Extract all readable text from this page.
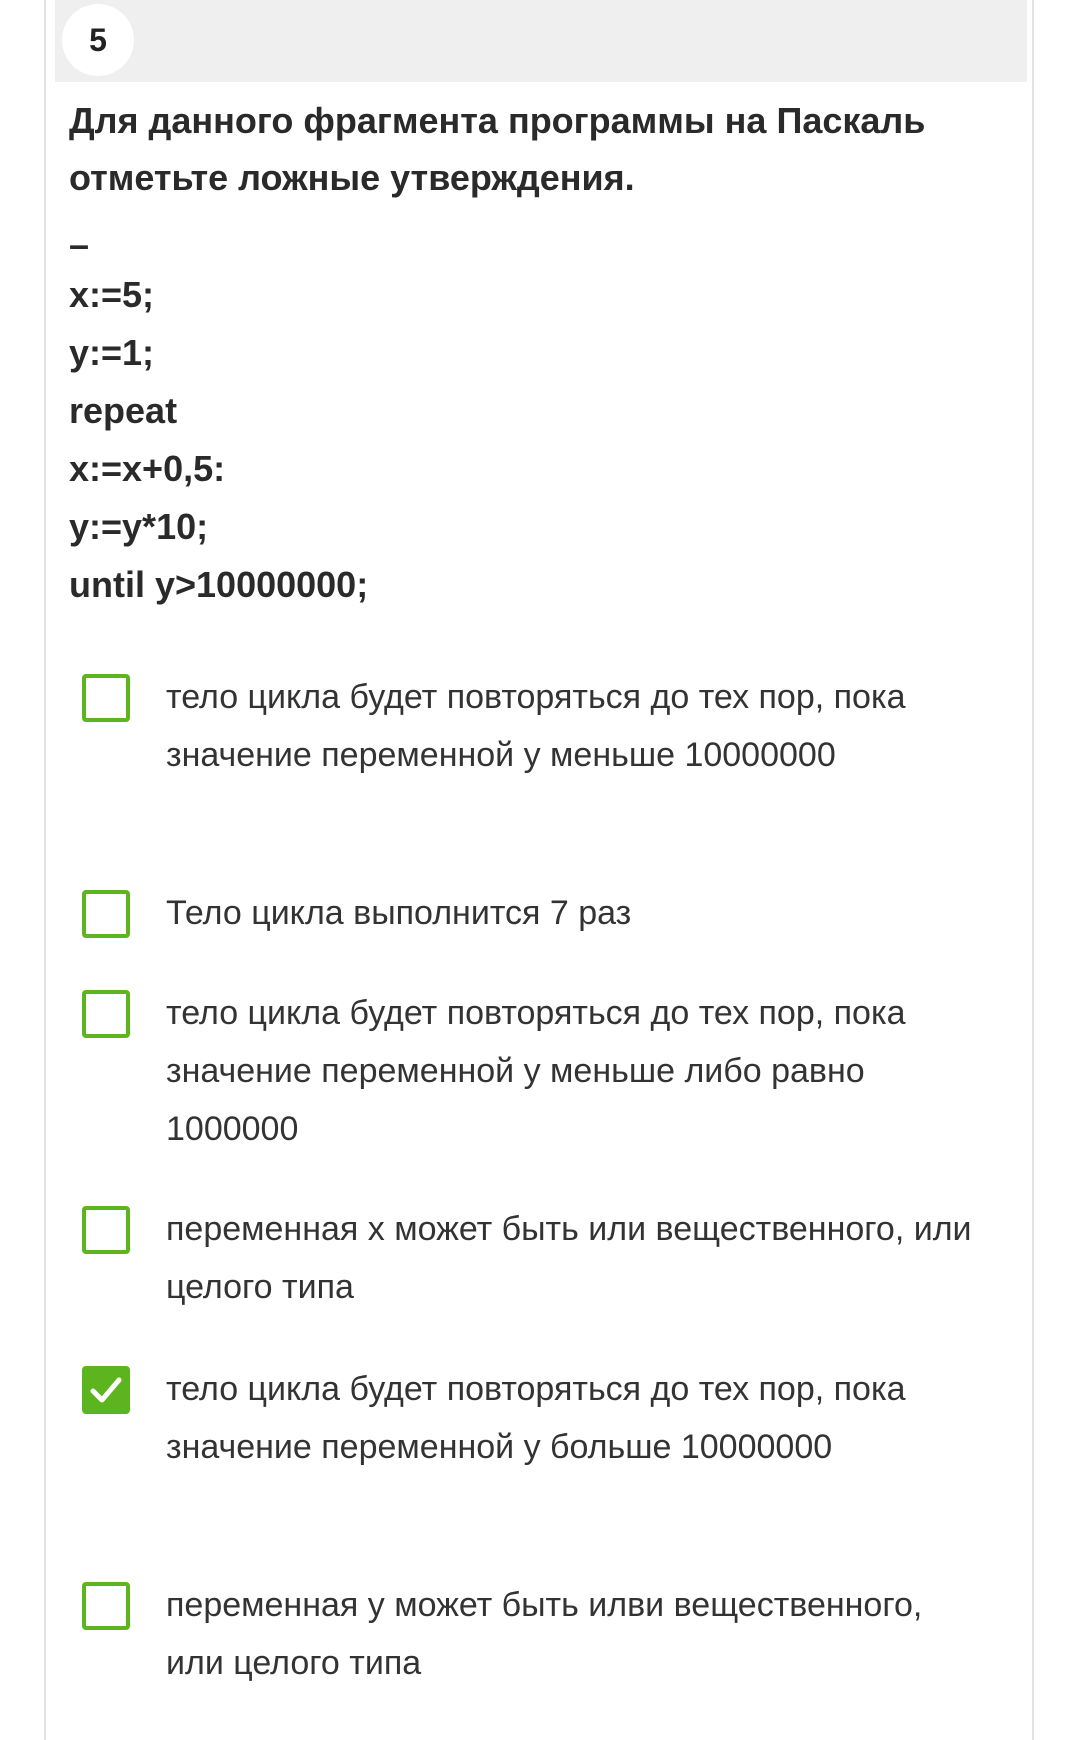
5
Для данного фрагмента программы на Паскаль отметьте ложные утверждения.
–
x:=5;
y:=1;
repeat
x:=x+0,5:
y:=y*10;
until y>10000000;
тело цикла будет повторяться до тех пор, пока значение переменной y меньше 10000000
Тело цикла выполнится 7 раз
тело цикла будет повторяться до тех пор, пока значение переменной y меньше либо равно 1000000
переменная x может быть или вещественного, или целого типа
тело цикла будет повторяться до тех пор, пока значение переменной y больше 10000000
переменная y может быть илви вещественного, или целого типа
